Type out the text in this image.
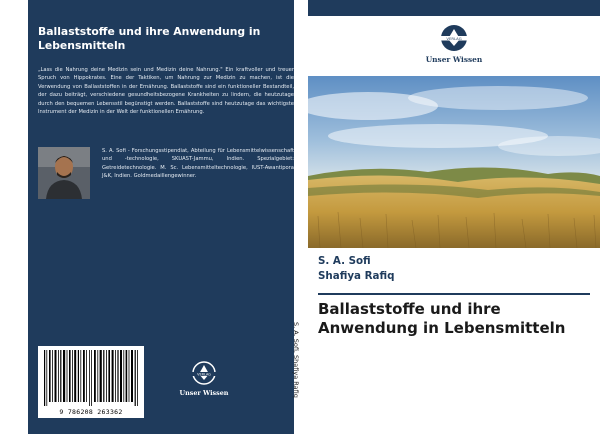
Ballaststoffe und ihre Anwendung in Lebensmitteln
„Lass die Nahrung deine Medizin sein und Medizin deine Nahrung." Ein kraftvoller und treuer Spruch von Hippokrates. Eine der Taktiken, um Nahrung zur Medizin zu machen, ist die Verwendung von Ballaststoffen in der Ernährung. Ballaststoffe sind ein funktioneller Bestandteil, der dazu beiträgt, verschiedene gesundheitsbezogene Krankheiten zu lindern, die heutzutage durch den bequemen Lebensstil begünstigt werden. Ballaststoffe sind heutzutage das wichtigste Instrument der Medizin in der Welt der funktionellen Ernährung.
S. A. Sofi - Forschungsstipendiat, Abteilung für Lebensmittelwissenschaft und -technologie, SKUAST-Jammu, Indien. Spezialgebiet: Getreidetechnologie. M. Sc. Lebensmitteltechnologie, IUST-Awantipora J&K, Indien. Goldmedaillengewinner.
9 786208 263362
VERLAG
Unser Wissen	S. A. Sofi, Shafiya Rafiq
VERLAG
Unser Wissen
S. A. Sofi
Shafiya Rafiq
Ballaststoffe und ihre Anwendung in Lebensmitteln
